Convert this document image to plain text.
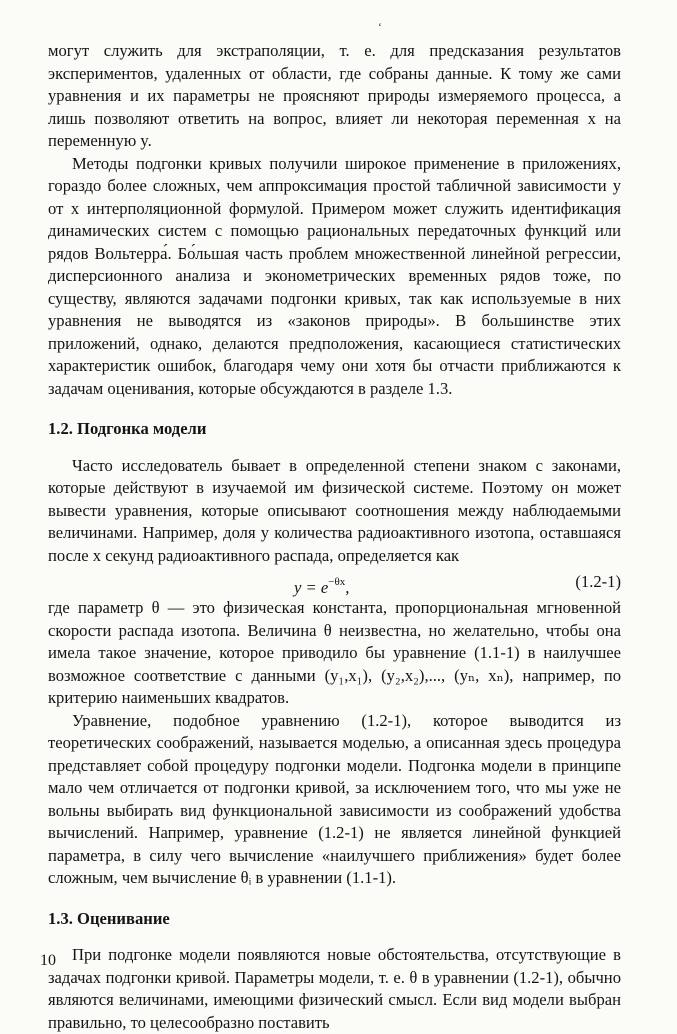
‘

могут служить для экстраполяции, т. е. для предсказания результатов экспериментов, удаленных от области, где собраны данные. К тому же сами уравнения и их параметры не проясняют природы измеряемого процесса, а лишь позволяют ответить на вопрос, влияет ли некоторая переменная x на переменную y.

Методы подгонки кривых получили широкое применение в приложениях, гораздо более сложных, чем аппроксимация простой табличной зависимости y от x интерполяционной формулой. Примером может служить идентификация динамических систем с помощью рациональных передаточных функций или рядов Вольтерра́. Бо́льшая часть проблем множественной линейной регрессии, дисперсионного анализа и эконометрических временных рядов тоже, по существу, являются задачами подгонки кривых, так как используемые в них уравнения не выводятся из «законов природы». В большинстве этих приложений, однако, делаются предположения, касающиеся статистических характеристик ошибок, благодаря чему они хотя бы отчасти приближаются к задачам оценивания, которые обсуждаются в разделе 1.3.

1.2. Подгонка модели

Часто исследователь бывает в определенной степени знаком с законами, которые действуют в изучаемой им физической системе. Поэтому он может вывести уравнения, которые описывают соотношения между наблюдаемыми величинами. Например, доля y количества радиоактивного изотопа, оставшаяся после x секунд радиоактивного распада, определяется как

$y = e^{-\theta x}$,	(1.2-1)

где параметр θ — это физическая константа, пропорциональная мгновенной скорости распада изотопа. Величина θ неизвестна, но желательно, чтобы она имела такое значение, которое приводило бы уравнение (1.1-1) в наилучшее возможное соответствие с данными (y₁,x₁), (y₂,x₂),..., (yₙ, xₙ), например, по критерию наименьших квадратов.

Уравнение, подобное уравнению (1.2-1), которое выводится из теоретических соображений, называется моделью, а описанная здесь процедура представляет собой процедуру подгонки модели. Подгонка модели в принципе мало чем отличается от подгонки кривой, за исключением того, что мы уже не вольны выбирать вид функциональной зависимости из соображений удобства вычислений. Например, уравнение (1.2-1) не является линейной функцией параметра, в силу чего вычисление «наилучшего приближения» будет более сложным, чем вычисление θᵢ в уравнении (1.1-1).

1.3. Оценивание

При подгонке модели появляются новые обстоятельства, отсутствующие в задачах подгонки кривой. Параметры модели, т. е. θ в уравнении (1.2-1), обычно являются величинами, имеющими физический смысл. Если вид модели выбран правильно, то целесообразно поставить

10
